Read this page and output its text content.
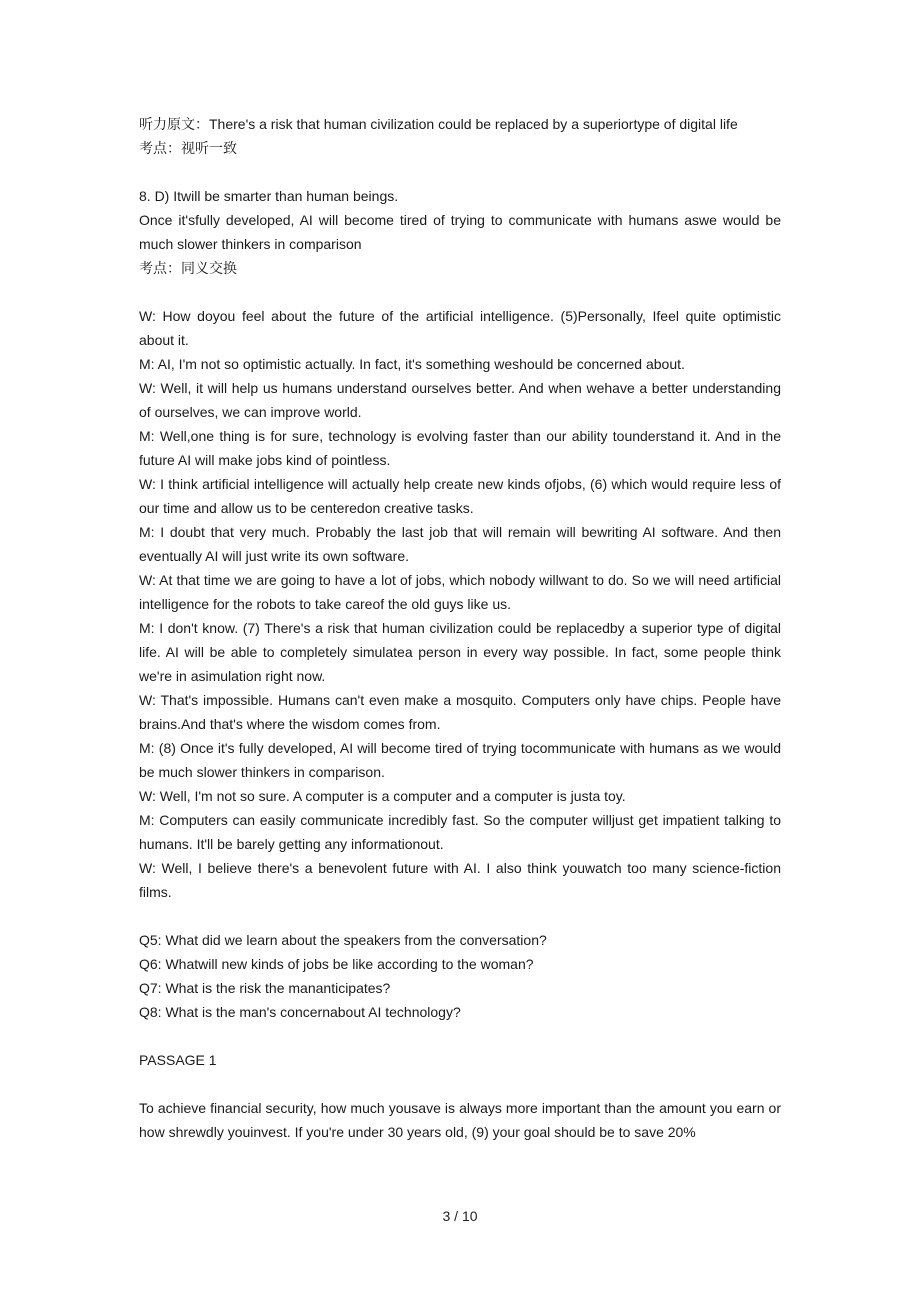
听力原文：There's a risk that human civilization could be replaced by a superiortype of digital life

考点：视听一致

8. D) Itwill be smarter than human beings.

Once it'sfully developed, AI will become tired of trying to communicate with humans aswe would be much slower thinkers in comparison

考点：同义交换

W: How doyou feel about the future of the artificial intelligence. (5)Personally, Ifeel quite optimistic about it.

M: AI, I'm not so optimistic actually. In fact, it's something weshould be concerned about.

W: Well, it will help us humans understand ourselves better. And when wehave a better understanding of ourselves, we can improve world.

M: Well,one thing is for sure, technology is evolving faster than our ability tounderstand it. And in the future AI will make jobs kind of pointless.

W: I think artificial intelligence will actually help create new kinds ofjobs, (6) which would require less of our time and allow us to be centeredon creative tasks.

M: I doubt that very much. Probably the last job that will remain will bewriting AI software. And then eventually AI will just write its own software.

W: At that time we are going to have a lot of jobs, which nobody willwant to do. So we will need artificial intelligence for the robots to take careof the old guys like us.

M: I don't know. (7) There's a risk that human civilization could be replacedby a superior type of digital life. AI will be able to completely simulatea person in every way possible. In fact, some people think we're in asimulation right now.

W: That's impossible. Humans can't even make a mosquito. Computers only have chips. People have brains.And that's where the wisdom comes from.

M: (8) Once it's fully developed, AI will become tired of trying tocommunicate with humans as we would be much slower thinkers in comparison.

W: Well, I'm not so sure. A computer is a computer and a computer is justa toy.

M: Computers can easily communicate incredibly fast. So the computer willjust get impatient talking to humans. It'll be barely getting any informationout.

W: Well, I believe there's a benevolent future with AI. I also think youwatch too many science-fiction films.

Q5: What did we learn about the speakers from the conversation?

Q6: Whatwill new kinds of jobs be like according to the woman?

Q7: What is the risk the mananticipates?

Q8: What is the man's concernabout AI technology?

PASSAGE 1

To achieve financial security, how much yousave is always more important than the amount you earn or how shrewdly youinvest. If you're under 30 years old, (9) your goal should be to save 20%

3 / 10
